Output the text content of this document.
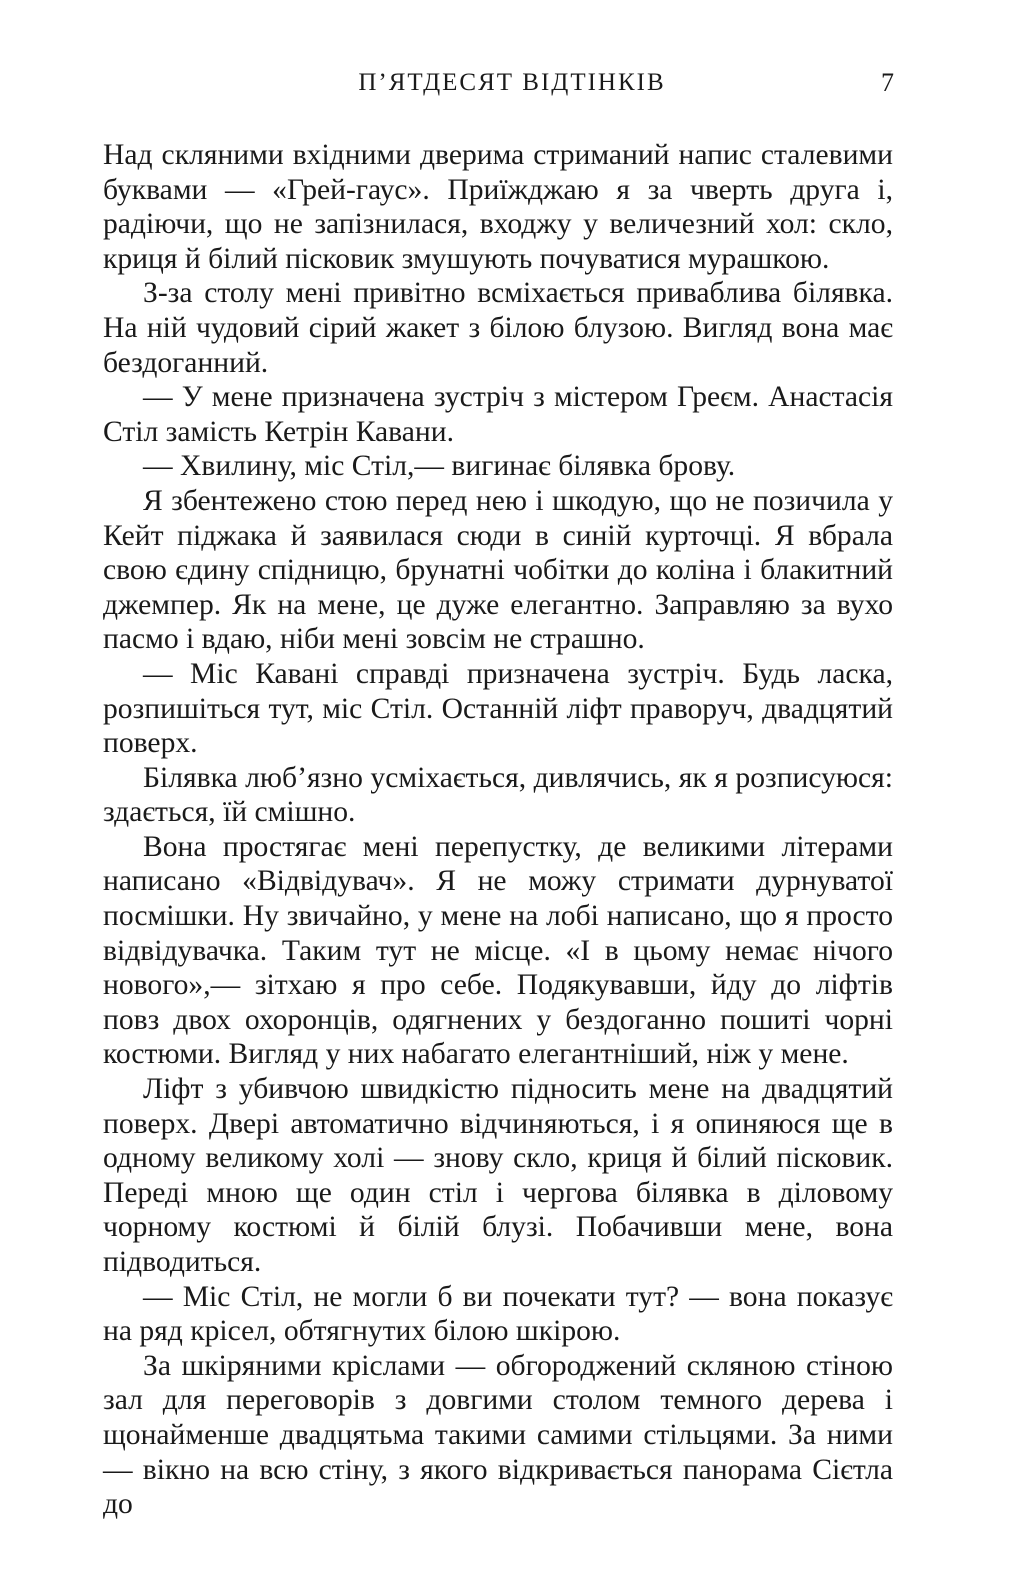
П’ЯТДЕСЯТ ВІДТІНКІВ	7

Над скляними вхідними дверима стриманий напис сталевими буквами — «Грей-гаус». Приїжджаю я за чверть друга і, радіючи, що не запізнилася, входжу у величезний хол: скло, криця й білий пісковик змушують почуватися мурашкою.

З-за столу мені привітно всміхається приваблива білявка. На ній чудовий сірий жакет з білою блузою. Вигляд вона має бездоганний.

— У мене призначена зустріч з містером Греєм. Анастасія Стіл замість Кетрін Кавани.

— Хвилину, міс Стіл,— вигинає білявка брову.

Я збентежено стою перед нею і шкодую, що не позичила у Кейт піджака й заявилася сюди в синій курточці. Я вбрала свою єдину спідницю, брунатні чобітки до коліна і блакитний джемпер. Як на мене, це дуже елегантно. Заправляю за вухо пасмо і вдаю, ніби мені зовсім не страшно.

— Міс Кавані справді призначена зустріч. Будь ласка, розпишіться тут, міс Стіл. Останній ліфт праворуч, двадцятий поверх.

Білявка люб’язно усміхається, дивлячись, як я розписуюся: здається, їй смішно.

Вона простягає мені перепустку, де великими літерами написано «Відвідувач». Я не можу стримати дурнуватої посмішки. Ну звичайно, у мене на лобі написано, що я просто відвідувачка. Таким тут не місце. «І в цьому немає нічого нового»,— зітхаю я про себе. Подякувавши, йду до ліфтів повз двох охоронців, одягнених у бездоганно пошиті чорні костюми. Вигляд у них набагато елегантніший, ніж у мене.

Ліфт з убивчою швидкістю підносить мене на двадцятий поверх. Двері автоматично відчиняються, і я опиняюся ще в одному великому холі — знову скло, криця й білий пісковик. Переді мною ще один стіл і чергова білявка в діловому чорному костюмі й білій блузі. Побачивши мене, вона підводиться.

— Міс Стіл, не могли б ви почекати тут? — вона показує на ряд крісел, обтягнутих білою шкірою.

За шкіряними кріслами — обгороджений скляною стіною зал для переговорів з довгими столом темного дерева і щонайменше двадцятьма такими самими стільцями. За ними — вікно на всю стіну, з якого відкривається панорама Сієтла до
